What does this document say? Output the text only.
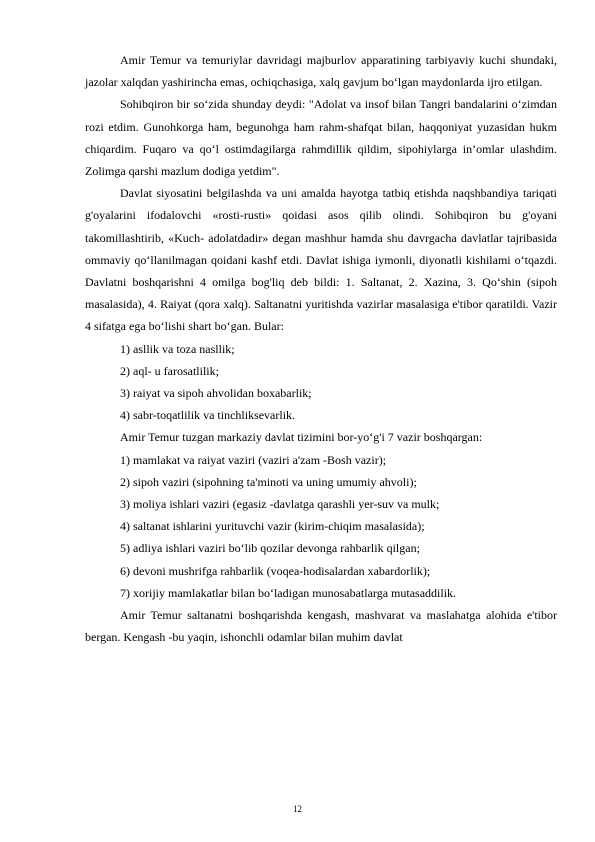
Amir Temur va temuriylar davridagi majburlov apparatining tarbiyaviy kuchi shundaki, jazolar xalqdan yashirincha emas, ochiqchasiga, xalq gavjum bo‘lgan maydonlarda ijro etilgan.

Sohibqiron bir so‘zida shunday deydi: "Adolat va insof bilan Tangri bandalarini o‘zimdan rozi etdim. Gunohkorga ham, begunohga ham rahm-shafqat bilan, haqqoniyat yuzasidan hukm chiqardim. Fuqaro va qo‘l ostimdagilarga rahmdillik qildim, sipohiylarga in’omlar ulashdim. Zolimga qarshi mazlum dodiga yetdim".

Davlat siyosatini belgilashda va uni amalda hayotga tatbiq etishda naqshbandiya tariqati g'oyalarini ifodalovchi «rosti-rusti» qoidasi asos qilib olindi. Sohibqiron bu g'oyani takomillashtirib, «Kuch- adolatdadir» degan mashhur hamda shu davrgacha davlatlar tajribasida ommaviy qo‘llanilmagan qoidani kashf etdi. Davlat ishiga iymonli, diyonatli kishilami o‘tqazdi. Davlatni boshqarishni 4 omilga bog'liq deb bildi: 1. Saltanat, 2. Xazina, 3. Qo‘shin (sipoh masalasida), 4. Raiyat (qora xalq). Saltanatni yuritishda vazirlar masalasiga e'tibor qaratildi. Vazir 4 sifatga ega bo‘lishi shart bo‘gan. Bular:

1) asllik va toza nasllik;

2) aql- u farosatlilik;

3) raiyat va sipoh ahvolidan boxabarlik;

4) sabr-toqatlilik va tinchliksevarlik.

Amir Temur tuzgan markaziy davlat tizimini bor-yo‘g'i 7 vazir boshqargan:

1) mamlakat va raiyat vaziri (vaziri a'zam -Bosh vazir);

2) sipoh vaziri (sipohning ta'minoti va uning umumiy ahvoli);

3) moliya ishlari vaziri (egasiz -davlatga qarashli yer-suv va mulk;

4) saltanat ishlarini yurituvchi vazir (kirim-chiqim masalasida);

5) adliya ishlari vaziri bo‘lib qozilar devonga rahbarlik qilgan;

6) devoni mushrifga rahbarlik (voqea-hodisalardan xabardorlik);

7) xorijiy mamlakatlar bilan bo‘ladigan munosabatlarga mutasaddilik.

Amir Temur saltanatni boshqarishda kengash, mashvarat va maslahatga alohida e'tibor bergan. Kengash -bu yaqin, ishonchli odamlar bilan muhim davlat

12
